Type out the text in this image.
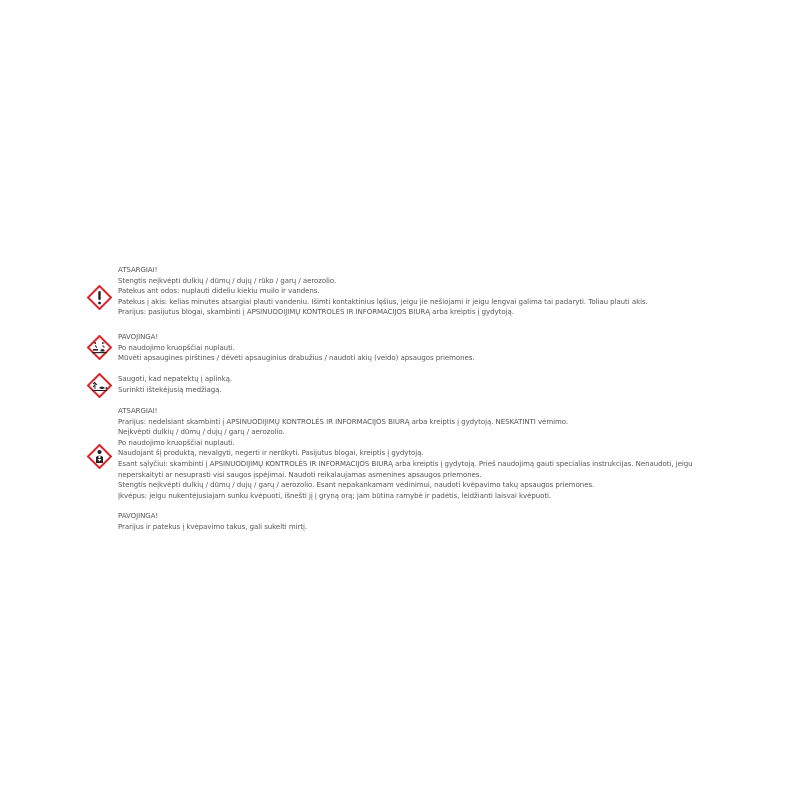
ATSARGIAI!
Stengtis neįkvėpti dulkių / dūmų / dujų / rūko / garų / aerozolio.
Patekus ant odos: nuplauti dideliu kiekiu muilo ir vandens.
Patekus į akis: kelias minutes atsargiai plauti vandeniu. Išimti kontaktinius lęšius, jeigu jie nešiojami ir jeigu lengvai galima tai padaryti. Toliau plauti akis.
Prarijus: pasijutus blogai, skambinti į APSINUODIJIMŲ KONTROLĖS IR INFORMACIJOS BIURĄ arba kreiptis į gydytoją.
PAVOJINGA!
Po naudojimo kruopščiai nuplauti.
Mūvėti apsaugines pirštines / dėvėti apsauginius drabužius / naudoti akių (veido) apsaugos priemones.
Saugoti, kad nepatektų į aplinką.
Surinkti ištekėjusią medžiagą.
ATSARGIAI!
Prarijus: nedelsiant skambinti į APSINUODIJIMŲ KONTROLĖS IR INFORMACIJOS BIURĄ arba kreiptis į gydytoją. NESKATINTI vėmimo.
Neįkvėpti dulkių / dūmų / dujų / garų / aerozolio.
Po naudojimo kruopščiai nuplauti.
Naudojant šį produktą, nevalgyti, negerti ir nerūkyti. Pasijutus blogai, kreiptis į gydytoją.
Esant sąlyčiui: skambinti į APSINUODIJIMŲ KONTROLĖS IR INFORMACIJOS BIURĄ arba kreiptis į gydytoją. Prieš naudojimą gauti specialias instrukcijas. Nenaudoti, jeigu neperskaityti ar nesuprasti visi saugos įspėjimai. Naudoti reikalaujamas asmenines apsaugos priemones.
Stengtis neįkvėpti dulkių / dūmų / dujų / garų / aerozolio. Esant nepakankamam vėdinimui, naudoti kvėpavimo takų apsaugos priemones.
Įkvėpus: jeigu nukentėjusiajam sunku kvėpuoti, išnešti jį į gryną orą; jam būtina ramybė ir padėtis, leidžianti laisvai kvėpuoti.
PAVOJINGA!
Prarijus ir patekus į kvėpavimo takus, gali sukelti mirtį.
